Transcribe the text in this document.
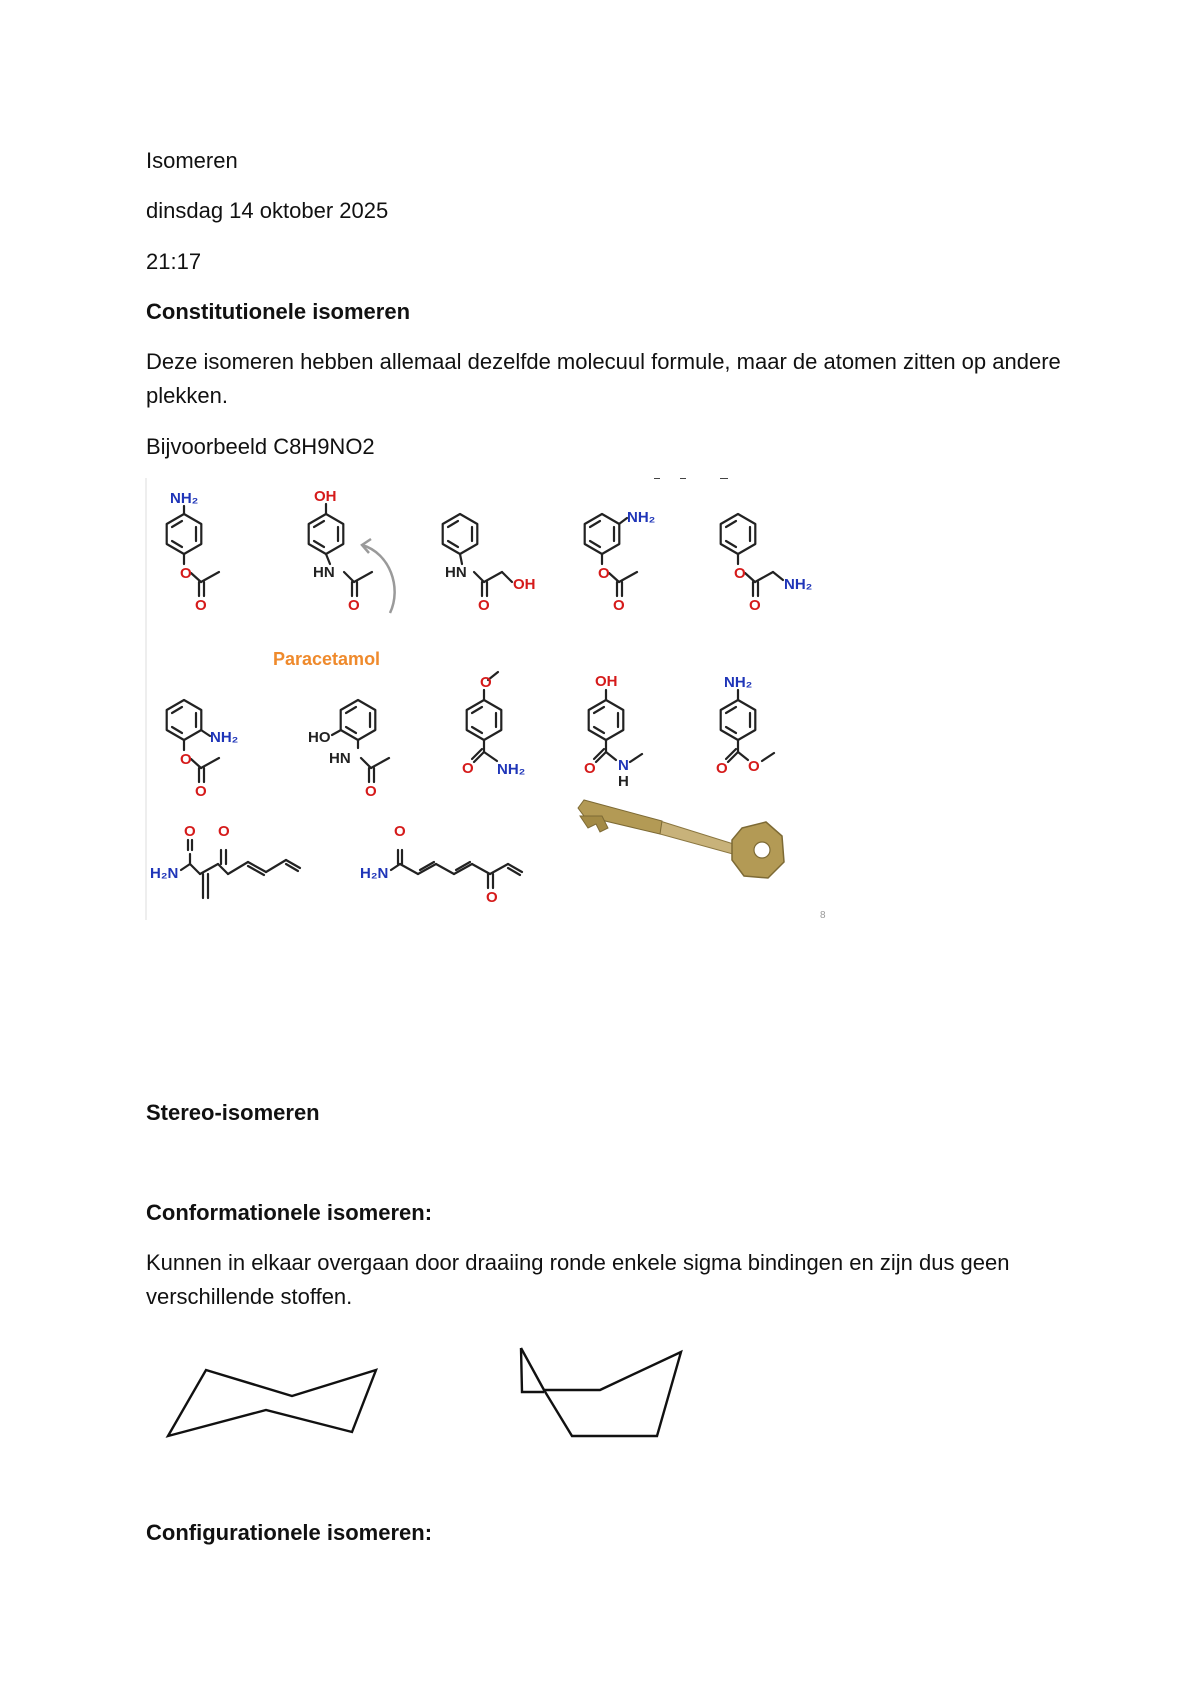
Isomeren
dinsdag 14 oktober 2025
21:17
Constitutionele isomeren
Deze isomeren hebben allemaal dezelfde molecuul formule, maar de atomen zitten op andere plekken.
Bijvoorbeeld C8H9NO2
NH₂
O
O
OH
HN
O
Paracetamol
HN
OH
O
NH₂
O
O
O
NH₂
O
NH₂
O
O
HO
HN
O
O
O NH₂
OH
O N
H
NH₂
O O
O O
H₂N
O
H₂N
O
8
Stereo-isomeren
Conformationele isomeren:
Kunnen in elkaar overgaan door draaiing ronde enkele sigma bindingen en zijn dus geen verschillende stoffen.
Configurationele isomeren:
